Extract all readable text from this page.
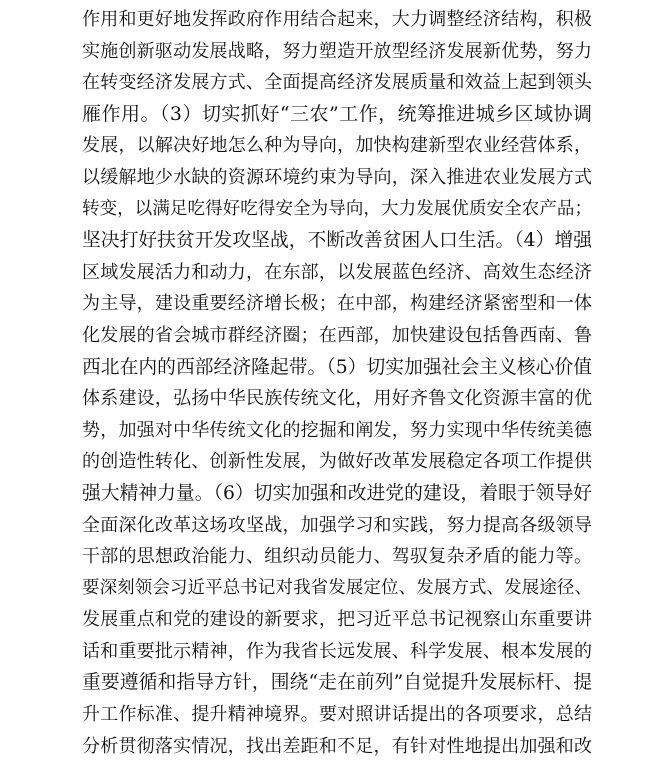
作用和更好地发挥政府作用结合起来，大力调整经济结构，积极
实施创新驱动发展战略，努力塑造开放型经济发展新优势，努力
在转变经济发展方式、全面提高经济发展质量和效益上起到领头
雁作用。（3）切实抓好“三农”工作，统筹推进城乡区域协调
发展，以解决好地怎么种为导向，加快构建新型农业经营体系，
以缓解地少水缺的资源环境约束为导向，深入推进农业发展方式
转变，以满足吃得好吃得安全为导向，大力发展优质安全农产品；
坚决打好扶贫开发攻坚战，不断改善贫困人口生活。（4）增强
区域发展活力和动力，在东部，以发展蓝色经济、高效生态经济
为主导，建设重要经济增长极；在中部，构建经济紧密型和一体
化发展的省会城市群经济圈；在西部，加快建设包括鲁西南、鲁
西北在内的西部经济隆起带。（5）切实加强社会主义核心价值
体系建设，弘扬中华民族传统文化，用好齐鲁文化资源丰富的优
势，加强对中华传统文化的挖掘和阐发，努力实现中华传统美德
的创造性转化、创新性发展，为做好改革发展稳定各项工作提供
强大精神力量。（6）切实加强和改进党的建设，着眼于领导好
全面深化改革这场攻坚战，加强学习和实践，努力提高各级领导
干部的思想政治能力、组织动员能力、驾驭复杂矛盾的能力等。
要深刻领会习近平总书记对我省发展定位、发展方式、发展途径、
发展重点和党的建设的新要求，把习近平总书记视察山东重要讲
话和重要批示精神，作为我省长远发展、科学发展、根本发展的
重要遵循和指导方针，围绕“走在前列”自觉提升发展标杆、提
升工作标准、提升精神境界。要对照讲话提出的各项要求，总结
分析贯彻落实情况，找出差距和不足，有针对性地提出加强和改
